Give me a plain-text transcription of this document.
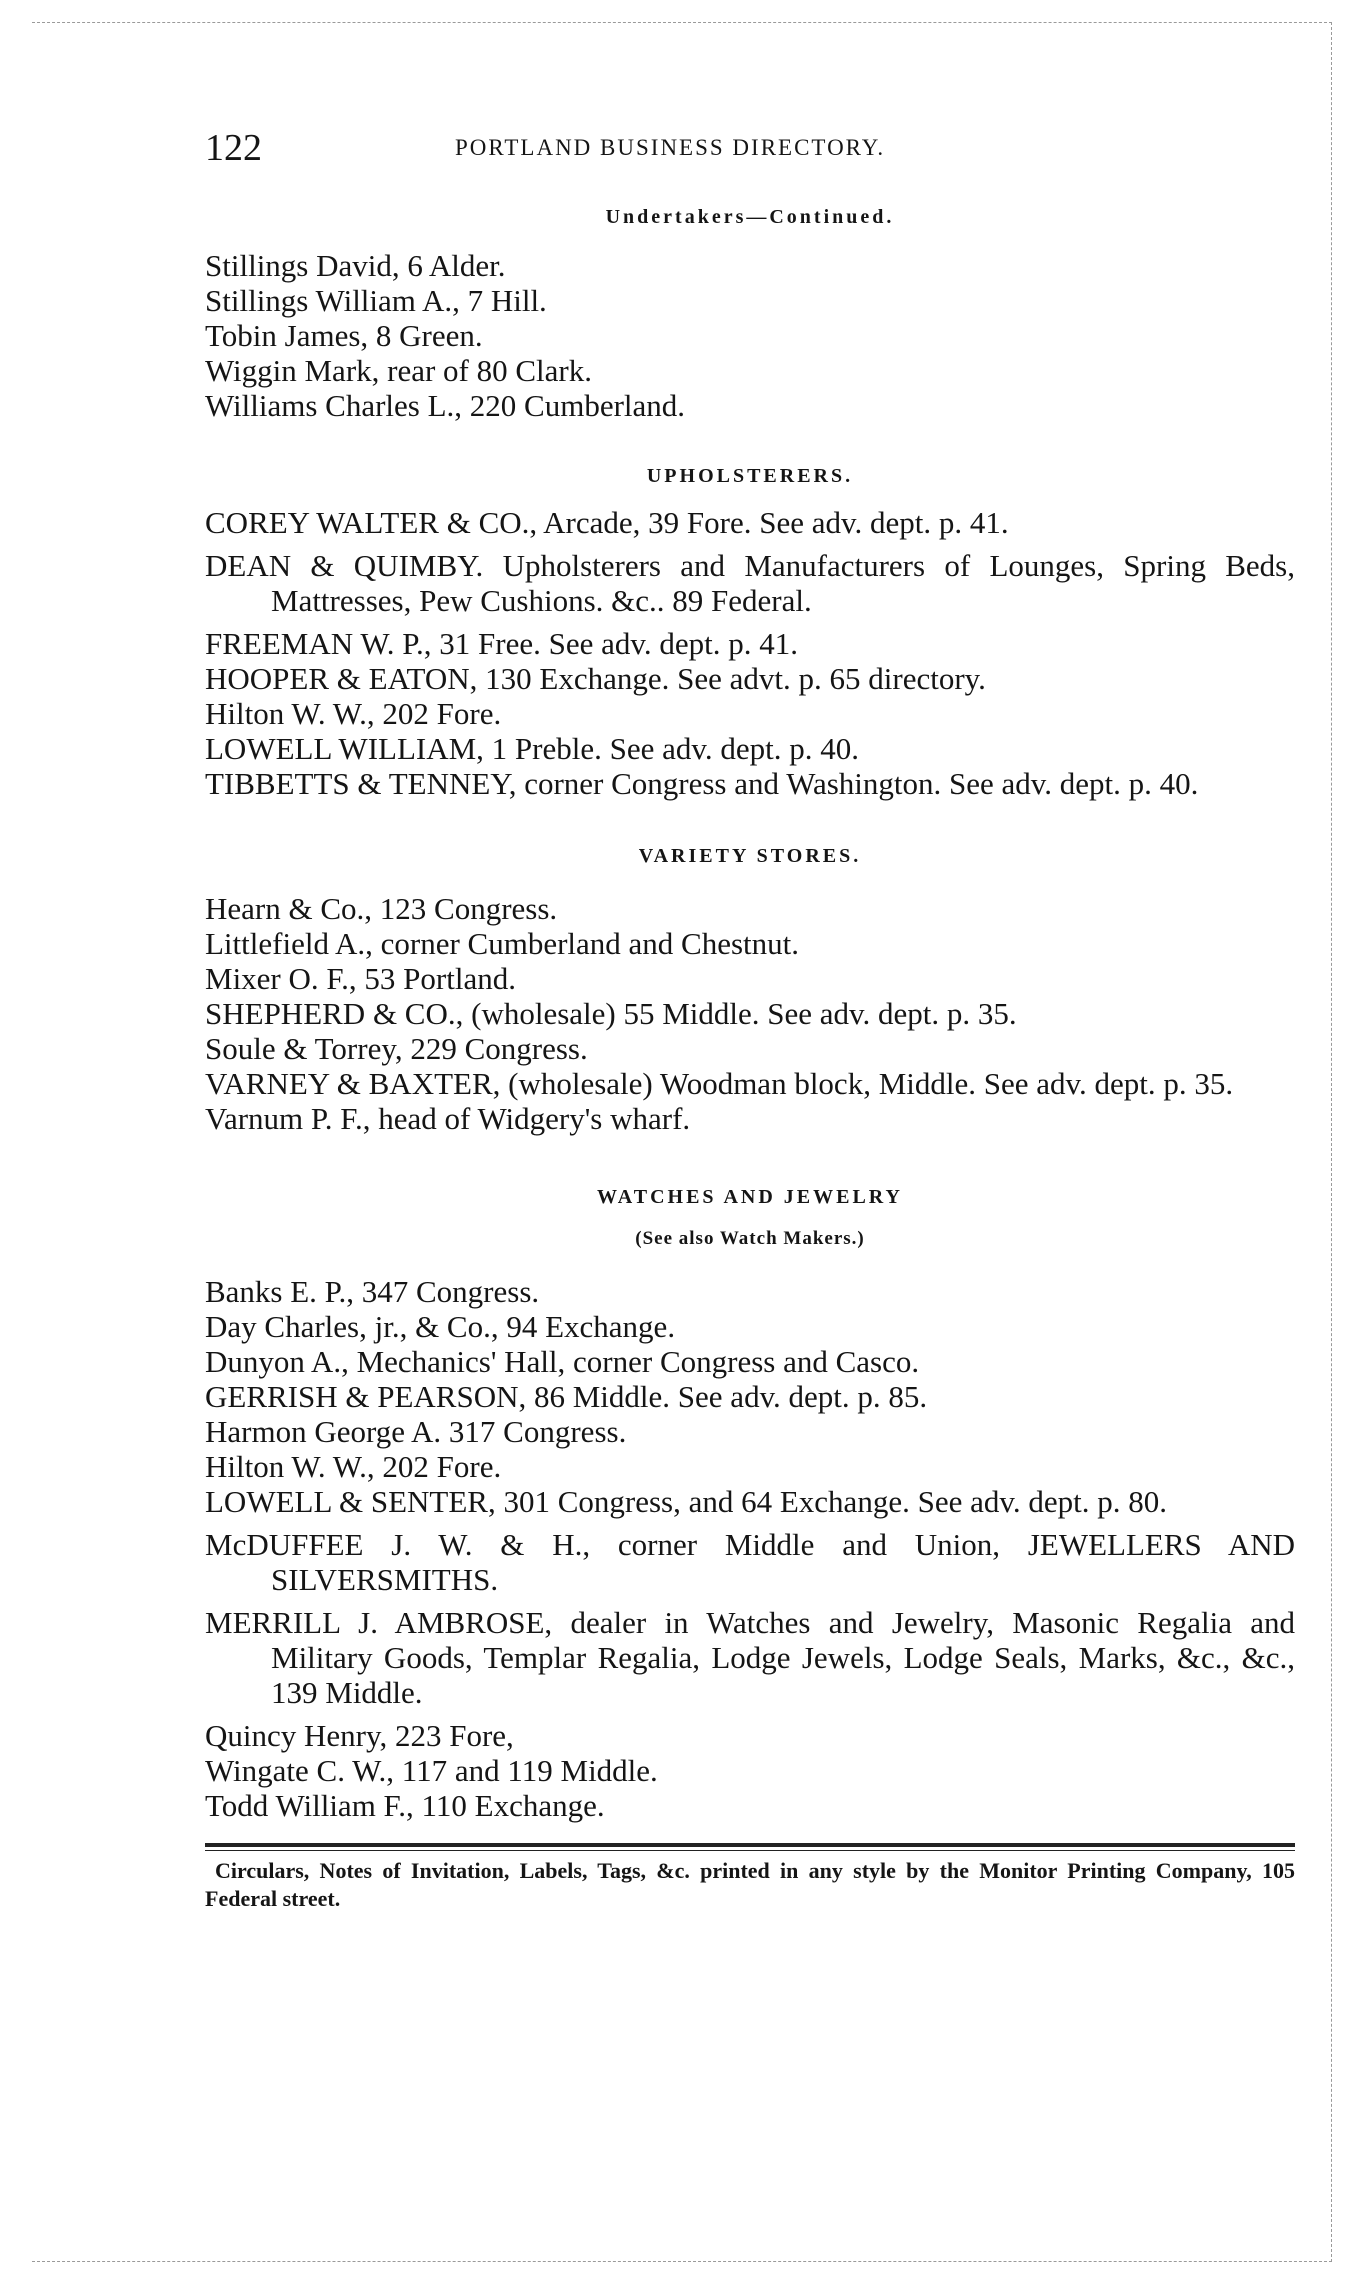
122	PORTLAND BUSINESS DIRECTORY.

Undertakers—Continued.

Stillings David, 6 Alder.

Stillings William A., 7 Hill.

Tobin James, 8 Green.

Wiggin Mark, rear of 80 Clark.

Williams Charles L., 220 Cumberland.

UPHOLSTERERS.

COREY WALTER & CO., Arcade, 39 Fore. See adv. dept. p. 41.

DEAN & QUIMBY. Upholsterers and Manufacturers of Lounges, Spring Beds, Mattresses, Pew Cushions. &c.. 89 Federal.

FREEMAN W. P., 31 Free. See adv. dept. p. 41.

HOOPER & EATON, 130 Exchange. See advt. p. 65 directory.

Hilton W. W., 202 Fore.

LOWELL WILLIAM, 1 Preble. See adv. dept. p. 40.

TIBBETTS & TENNEY, corner Congress and Washington. See adv. dept. p. 40.

VARIETY STORES.

Hearn & Co., 123 Congress.

Littlefield A., corner Cumberland and Chestnut.

Mixer O. F., 53 Portland.

SHEPHERD & CO., (wholesale) 55 Middle. See adv. dept. p. 35.

Soule & Torrey, 229 Congress.

VARNEY & BAXTER, (wholesale) Woodman block, Middle. See adv. dept. p. 35.

Varnum P. F., head of Widgery's wharf.

WATCHES AND JEWELRY

(See also Watch Makers.)

Banks E. P., 347 Congress.

Day Charles, jr., & Co., 94 Exchange.

Dunyon A., Mechanics' Hall, corner Congress and Casco.

GERRISH & PEARSON, 86 Middle. See adv. dept. p. 85.

Harmon George A. 317 Congress.

Hilton W. W., 202 Fore.

LOWELL & SENTER, 301 Congress, and 64 Exchange. See adv. dept. p. 80.

McDUFFEE J. W. & H., corner Middle and Union, JEWELLERS AND SILVERSMITHS.

MERRILL J. AMBROSE, dealer in Watches and Jewelry, Masonic Regalia and Military Goods, Templar Regalia, Lodge Jewels, Lodge Seals, Marks, &c., &c., 139 Middle.

Quincy Henry, 223 Fore,

Wingate C. W., 117 and 119 Middle.

Todd William F., 110 Exchange.

Circulars, Notes of Invitation, Labels, Tags, &c. printed in any style by the Monitor Printing Company, 105 Federal street.
